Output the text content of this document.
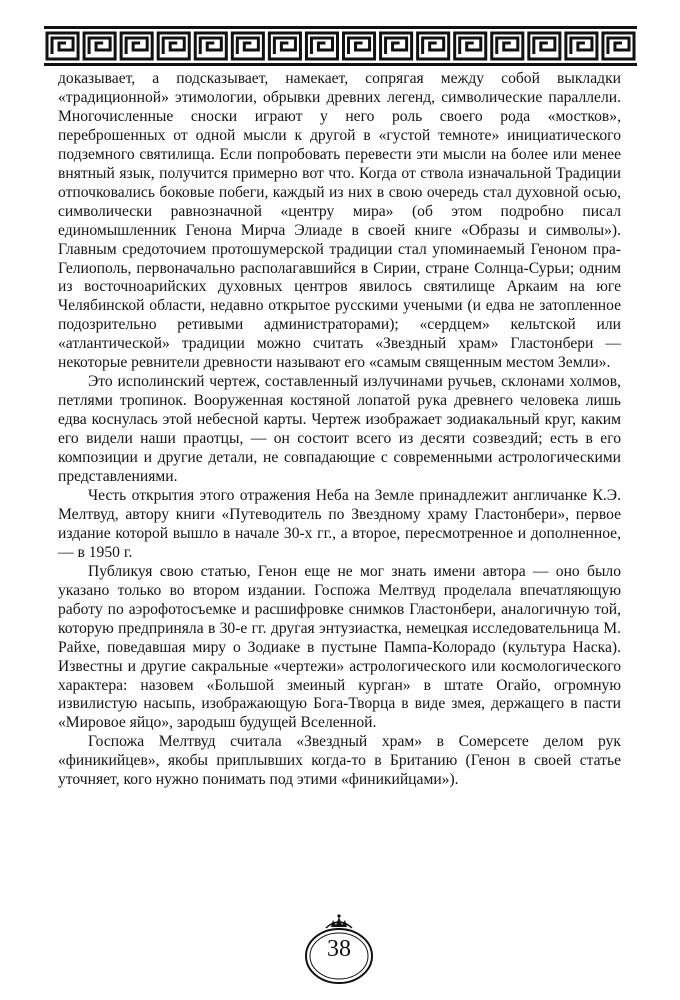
доказывает, а подсказывает, намекает, сопрягая между собой выкладки «традиционной» этимологии, обрывки древних легенд, символические параллели. Многочисленные сноски играют у него роль своего рода «мостков», переброшенных от одной мысли к другой в «густой темноте» инициатического подземного святилища. Если попробовать перевести эти мысли на более или менее внятный язык, получится примерно вот что. Когда от ствола изначальной Традиции отпочковались боковые побеги, каждый из них в свою очередь стал духовной осью, символически равнозначной «центру мира» (об этом подробно писал единомышленник Генона Мирча Элиаде в своей книге «Образы и символы»). Главным средоточием протошумерской традиции стал упоминаемый Геноном пра-Гелиополь, первоначально располагавшийся в Сирии, стране Солнца-Сурьи; одним из восточноарийских духовных центров явилось святилище Аркаим на юге Челябинской области, недавно открытое русскими учеными (и едва не затопленное подозрительно ретивыми администраторами); «сердцем» кельтской или «атлантической» традиции можно считать «Звездный храм» Гластонбери — некоторые ревнители древности называют его «самым священным местом Земли».

Это исполинский чертеж, составленный излучинами ручьев, склонами холмов, петлями тропинок. Вооруженная костяной лопатой рука древнего человека лишь едва коснулась этой небесной карты. Чертеж изображает зодиакальный круг, каким его видели наши праотцы, — он состоит всего из десяти созвездий; есть в его композиции и другие детали, не совпадающие с современными астрологическими представлениями.

Честь открытия этого отражения Неба на Земле принадлежит англичанке К.Э. Мелтвуд, автору книги «Путеводитель по Звездному храму Гластонбери», первое издание которой вышло в начале 30-х гг., а второе, пересмотренное и дополненное, — в 1950 г.

Публикуя свою статью, Генон еще не мог знать имени автора — оно было указано только во втором издании. Госпожа Мелтвуд проделала впечатляющую работу по аэрофотосъемке и расшифровке снимков Гластонбери, аналогичную той, которую предприняла в 30-е гг. другая энтузиастка, немецкая исследовательница М. Райхе, поведавшая миру о Зодиаке в пустыне Пампа-Колорадо (культура Наска). Известны и другие сакральные «чертежи» астрологического или космологического характера: назовем «Большой змеиный курган» в штате Огайо, огромную извилистую насыпь, изображающую Бога-Творца в виде змея, держащего в пасти «Мировое яйцо», зародыш будущей Вселенной.

Госпожа Мелтвуд считала «Звездный храм» в Сомерсете делом рук «финикийцев», якобы приплывших когда-то в Британию (Генон в своей статье уточняет, кого нужно понимать под этими «финикийцами»).

38
